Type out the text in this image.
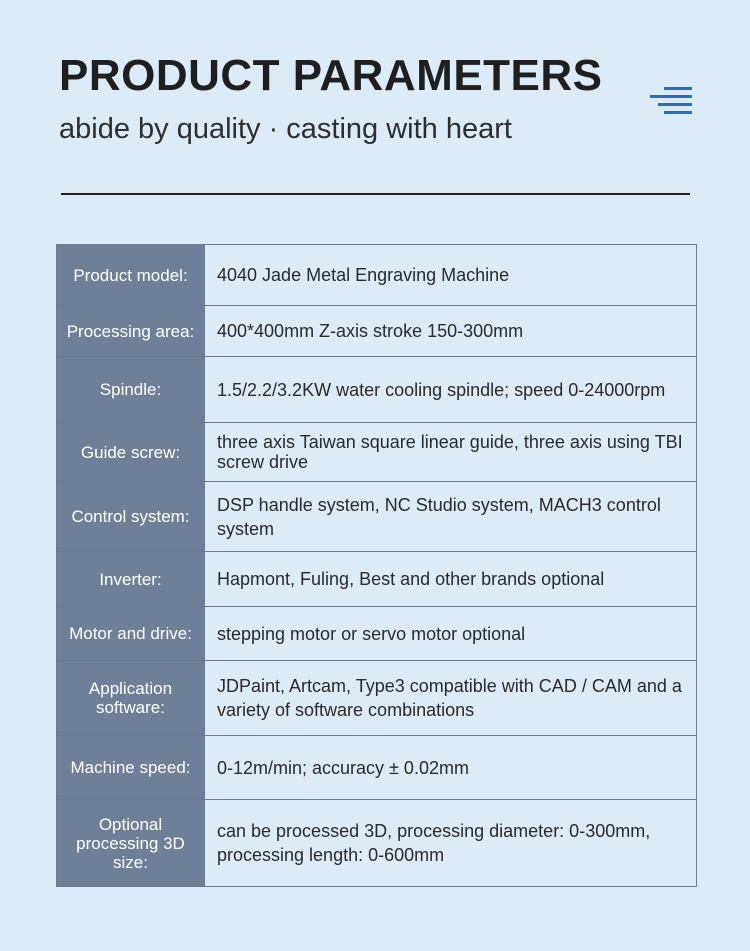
PRODUCT PARAMETERS

abide by quality · casting with heart

Product model:	4040 Jade Metal Engraving Machine
Processing area:	400*400mm Z-axis stroke 150-300mm
Spindle:	1.5/2.2/3.2KW water cooling spindle; speed 0-24000rpm
Guide screw:	three axis Taiwan square linear guide, three axis using TBI screw drive
Control system:
DSP handle system, NC Studio system, MACH3 control system
Inverter:	Hapmont, Fuling, Best and other brands optional
Motor and drive:	stepping motor or servo motor optional
Application software:
JDPaint, Artcam, Type3 compatible with CAD / CAM and a variety of software combinations
Machine speed:	0-12m/min; accuracy ± 0.02mm
Optional processing 3D size:
can be processed 3D, processing diameter: 0-300mm, processing length: 0-600mm
